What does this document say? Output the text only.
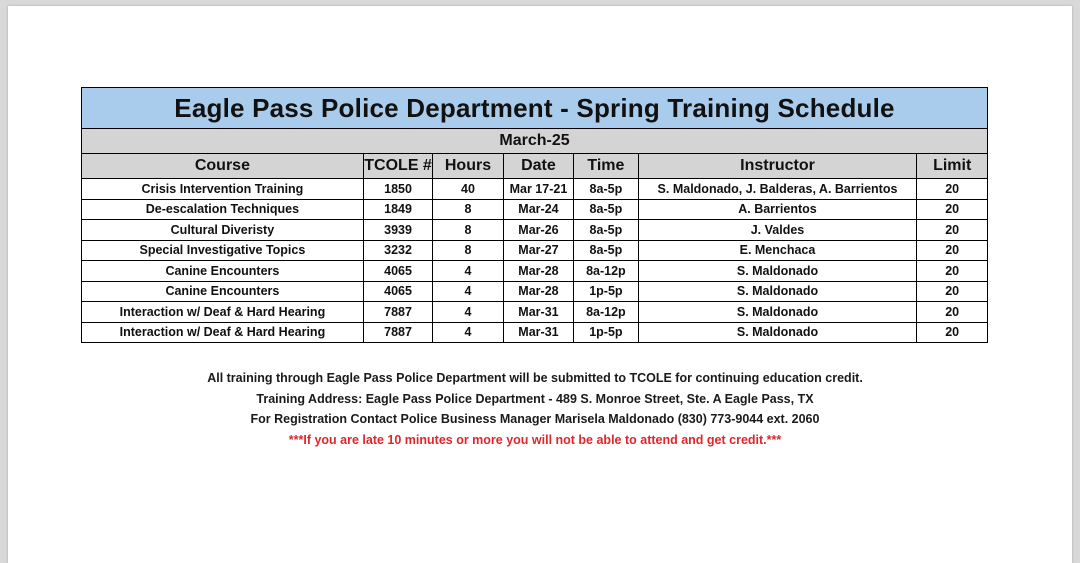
Eagle Pass Police Department - Spring Training Schedule						
March-25						
Course	TCOLE #	Hours	Date	Time	Instructor	Limit
Crisis Intervention Training	1850	40	Mar 17-21	8a-5p	S. Maldonado, J. Balderas, A. Barrientos	20
De-escalation Techniques	1849	8	Mar-24	8a-5p	A. Barrientos	20
Cultural Diveristy	3939	8	Mar-26	8a-5p	J. Valdes	20
Special Investigative Topics	3232	8	Mar-27	8a-5p	E. Menchaca	20
Canine Encounters	4065	4	Mar-28	8a-12p	S. Maldonado	20
Canine Encounters	4065	4	Mar-28	1p-5p	S. Maldonado	20
Interaction w/ Deaf & Hard Hearing	7887	4	Mar-31	8a-12p	S. Maldonado	20
Interaction w/ Deaf & Hard Hearing	7887	4	Mar-31	1p-5p	S. Maldonado	20
All training through Eagle Pass Police Department will be submitted to TCOLE for continuing education credit.
Training Address: Eagle Pass Police Department - 489 S. Monroe Street, Ste. A Eagle Pass, TX
For Registration Contact Police Business Manager Marisela Maldonado (830) 773-9044 ext. 2060
***If you are late 10 minutes or more you will not be able to attend and get credit.***
